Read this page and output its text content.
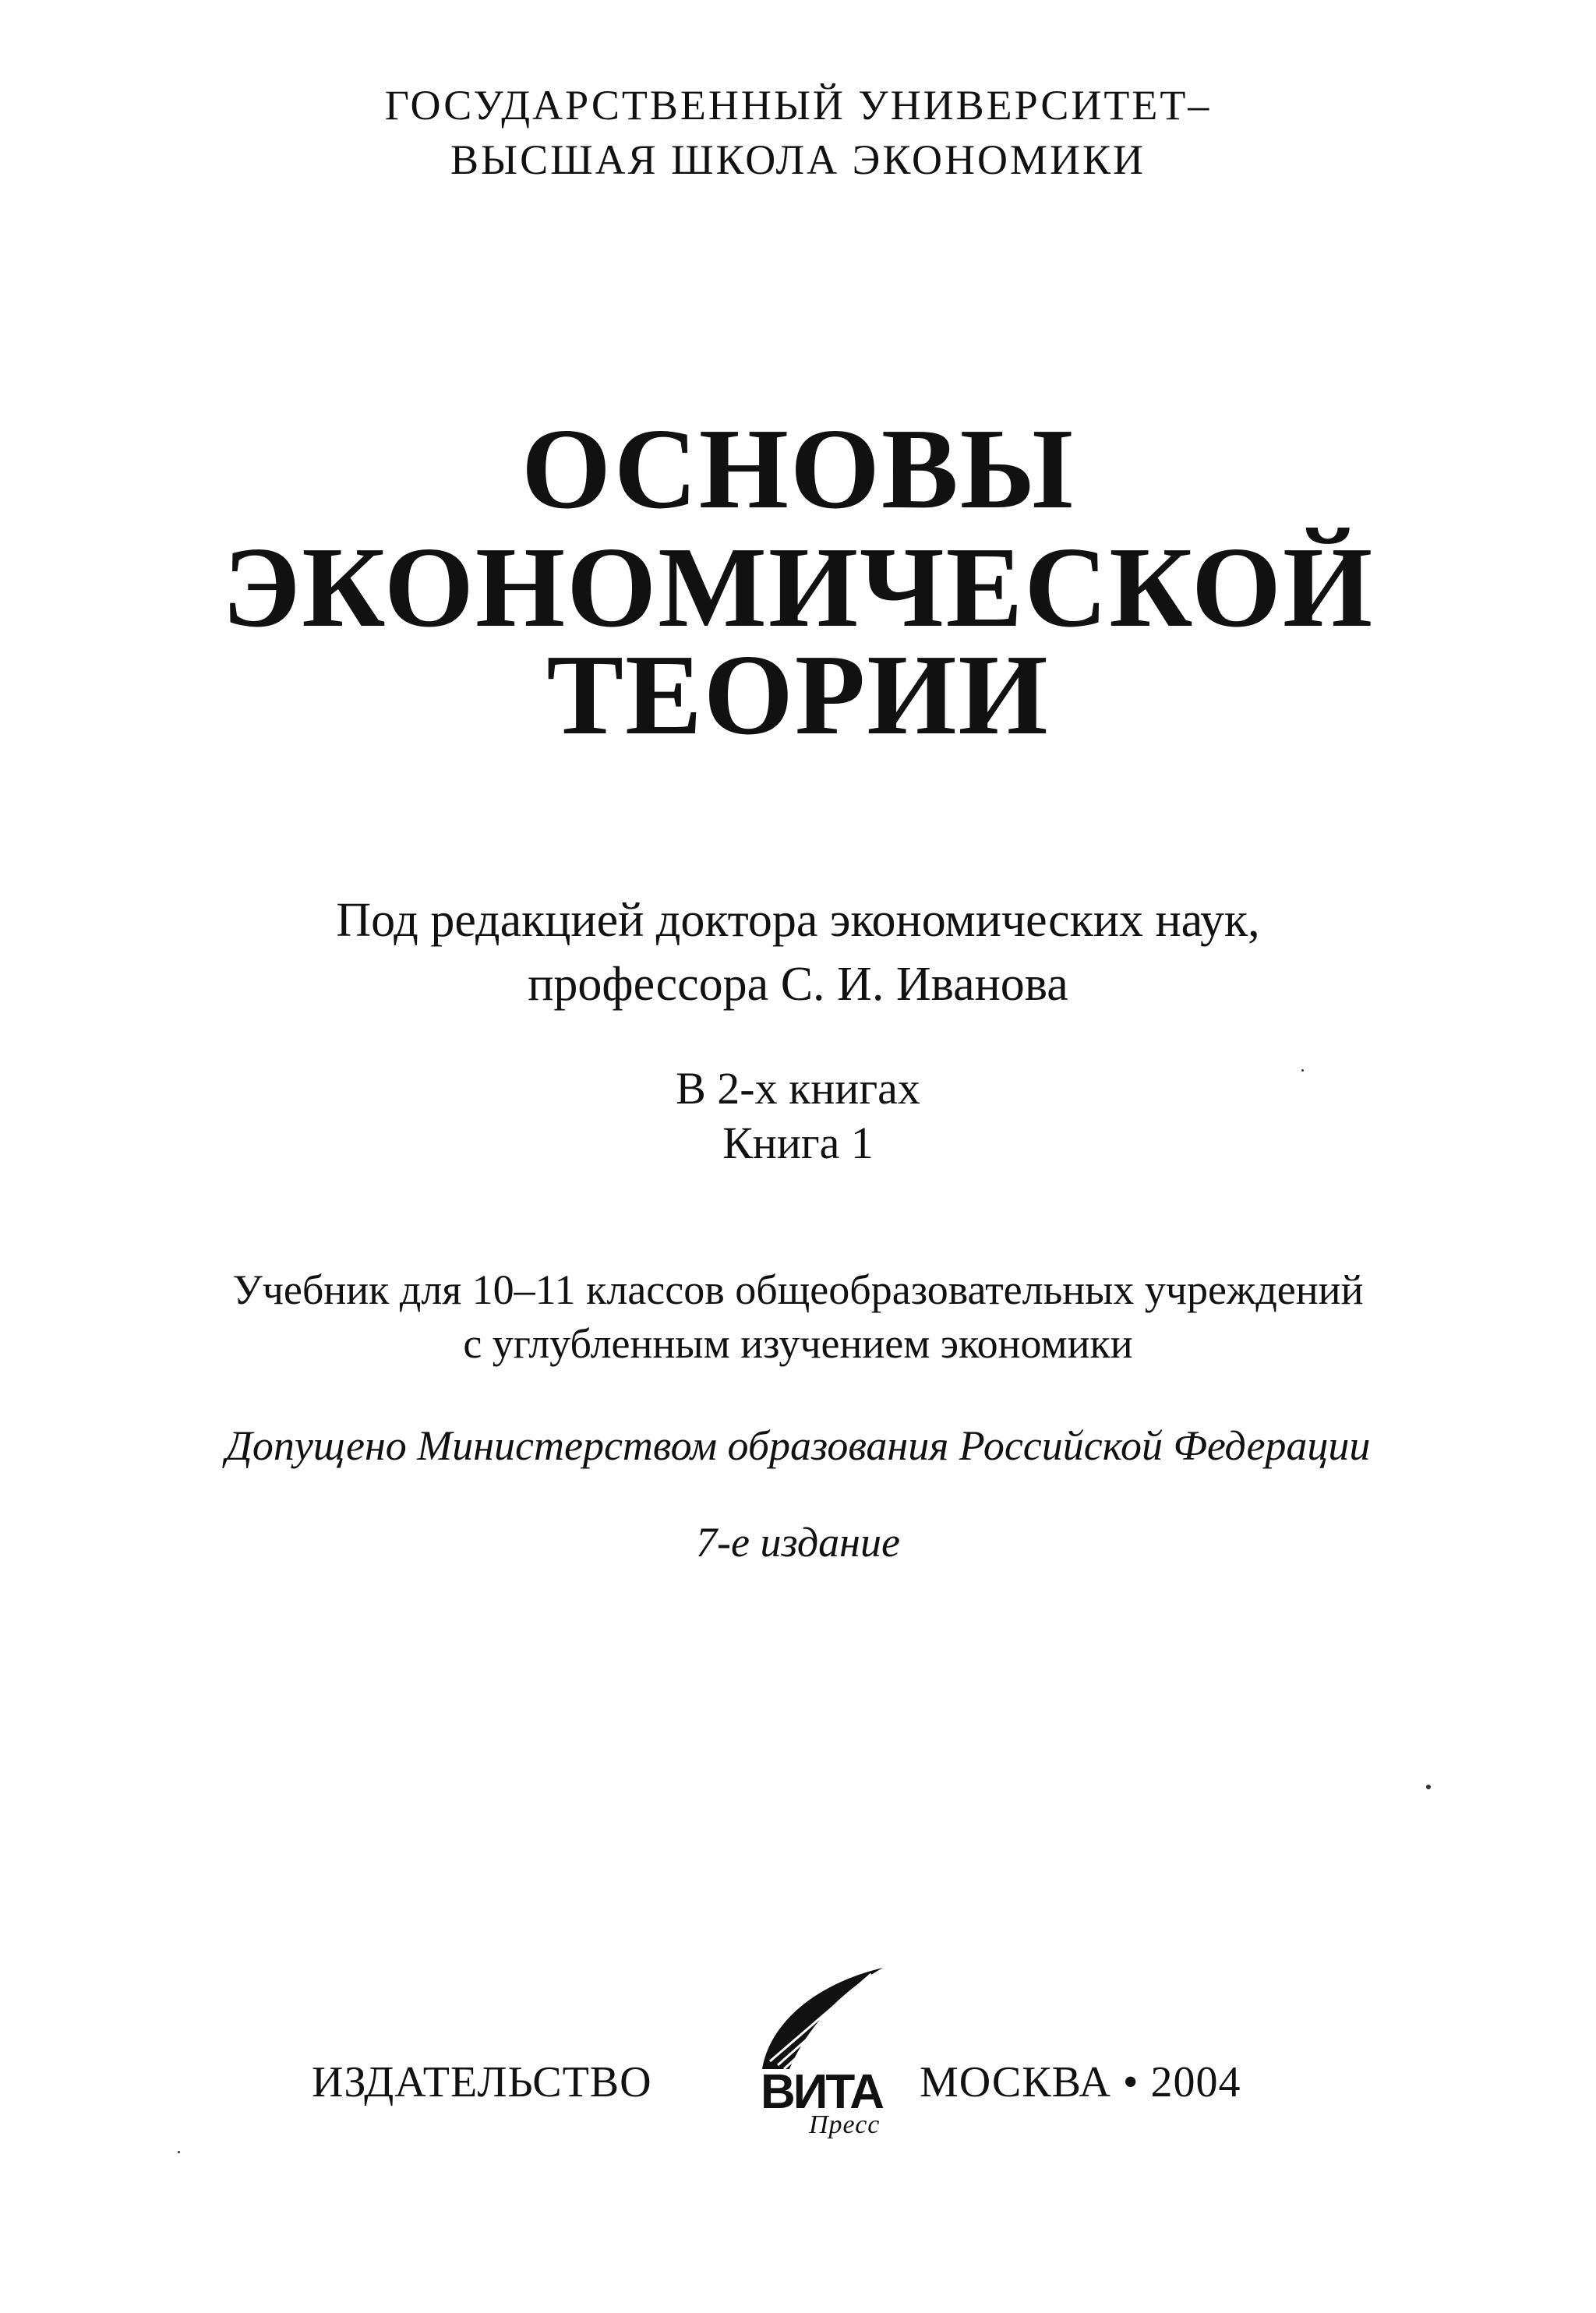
ГОСУДАРСТВЕННЫЙ УНИВЕРСИТЕТ–
ВЫСШАЯ ШКОЛА ЭКОНОМИКИ
ОСНОВЫ
ЭКОНОМИЧЕСКОЙ
ТЕОРИИ
Под редакцией доктора экономических наук,
профессора С. И. Иванова
В 2-х книгах
Книга 1
Учебник для 10–11 классов общеобразовательных учреждений
с углубленным изучением экономики
Допущено Министерством образования Российской Федерации
7-е издание
ИЗДАТЕЛЬСТВО ВИТА
Пресс
МОСКВА • 2004
